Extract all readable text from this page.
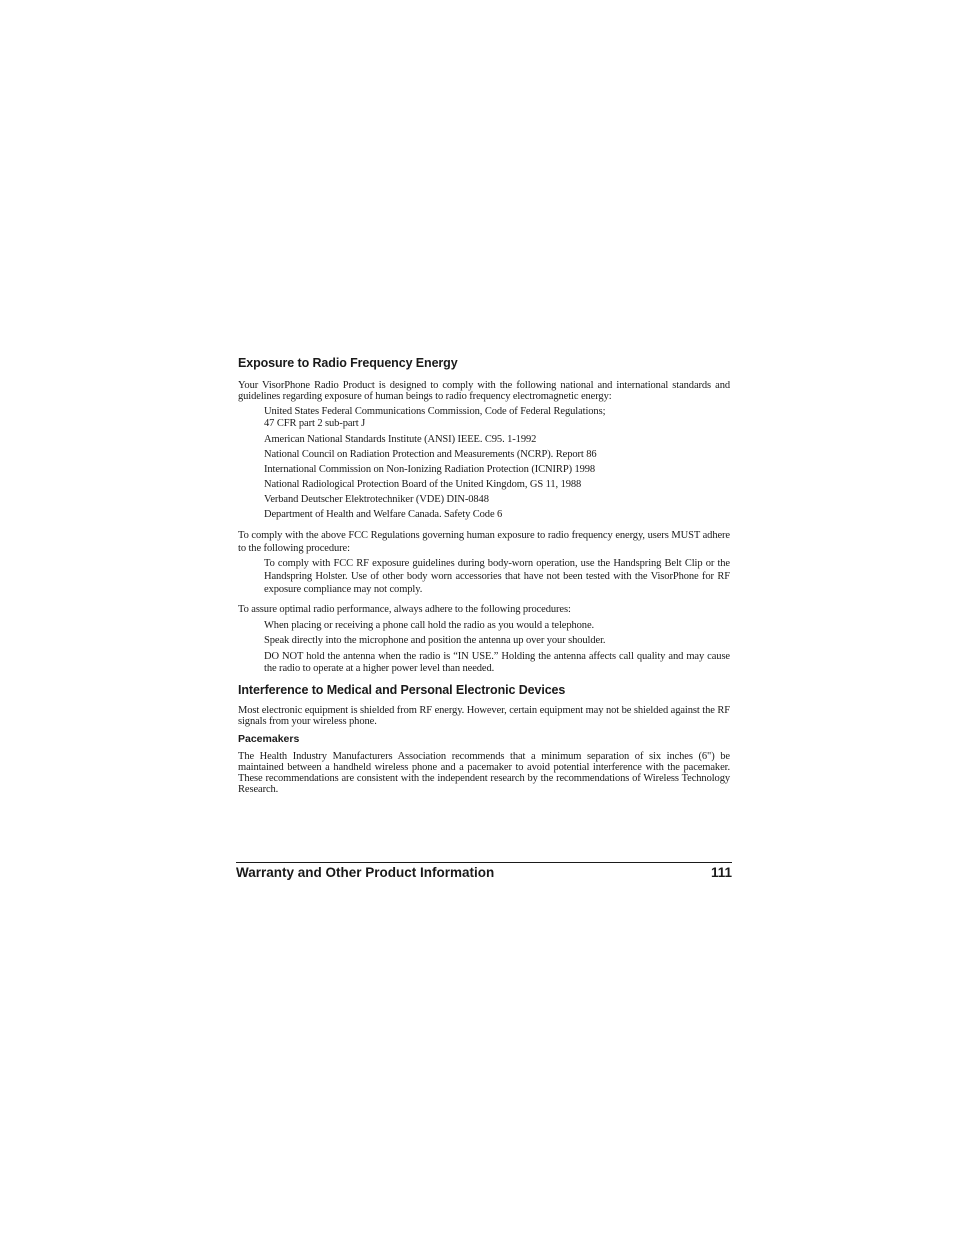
Exposure to Radio Frequency Energy

Your VisorPhone Radio Product is designed to comply with the following national and international standards and guidelines regarding exposure of human beings to radio frequency electromagnetic energy:

United States Federal Communications Commission, Code of Federal Regulations;

47 CFR part 2 sub-part J

American National Standards Institute (ANSI) IEEE. C95. 1-1992

National Council on Radiation Protection and Measurements (NCRP). Report 86

International Commission on Non-Ionizing Radiation Protection (ICNIRP) 1998

National Radiological Protection Board of the United Kingdom, GS 11, 1988

Verband Deutscher Elektrotechniker (VDE) DIN-0848

Department of Health and Welfare Canada. Safety Code 6

To comply with the above FCC Regulations governing human exposure to radio frequency energy, users MUST adhere to the following procedure:

To comply with FCC RF exposure guidelines during body-worn operation, use the Handspring Belt Clip or the Handspring Holster. Use of other body worn accessories that have not been tested with the VisorPhone for RF exposure compliance may not comply.

To assure optimal radio performance, always adhere to the following procedures:

When placing or receiving a phone call hold the radio as you would a telephone.

Speak directly into the microphone and position the antenna up over your shoulder.

DO NOT hold the antenna when the radio is “IN USE.” Holding the antenna affects call quality and may cause the radio to operate at a higher power level than needed.

Interference to Medical and Personal Electronic Devices

Most electronic equipment is shielded from RF energy. However, certain equipment may not be shielded against the RF signals from your wireless phone.

Pacemakers

The Health Industry Manufacturers Association recommends that a minimum separation of six inches (6") be maintained between a handheld wireless phone and a pacemaker to avoid potential interference with the pacemaker. These recommendations are consistent with the independent research by the recommendations of Wireless Technology Research.

Warranty and Other Product Information	111
